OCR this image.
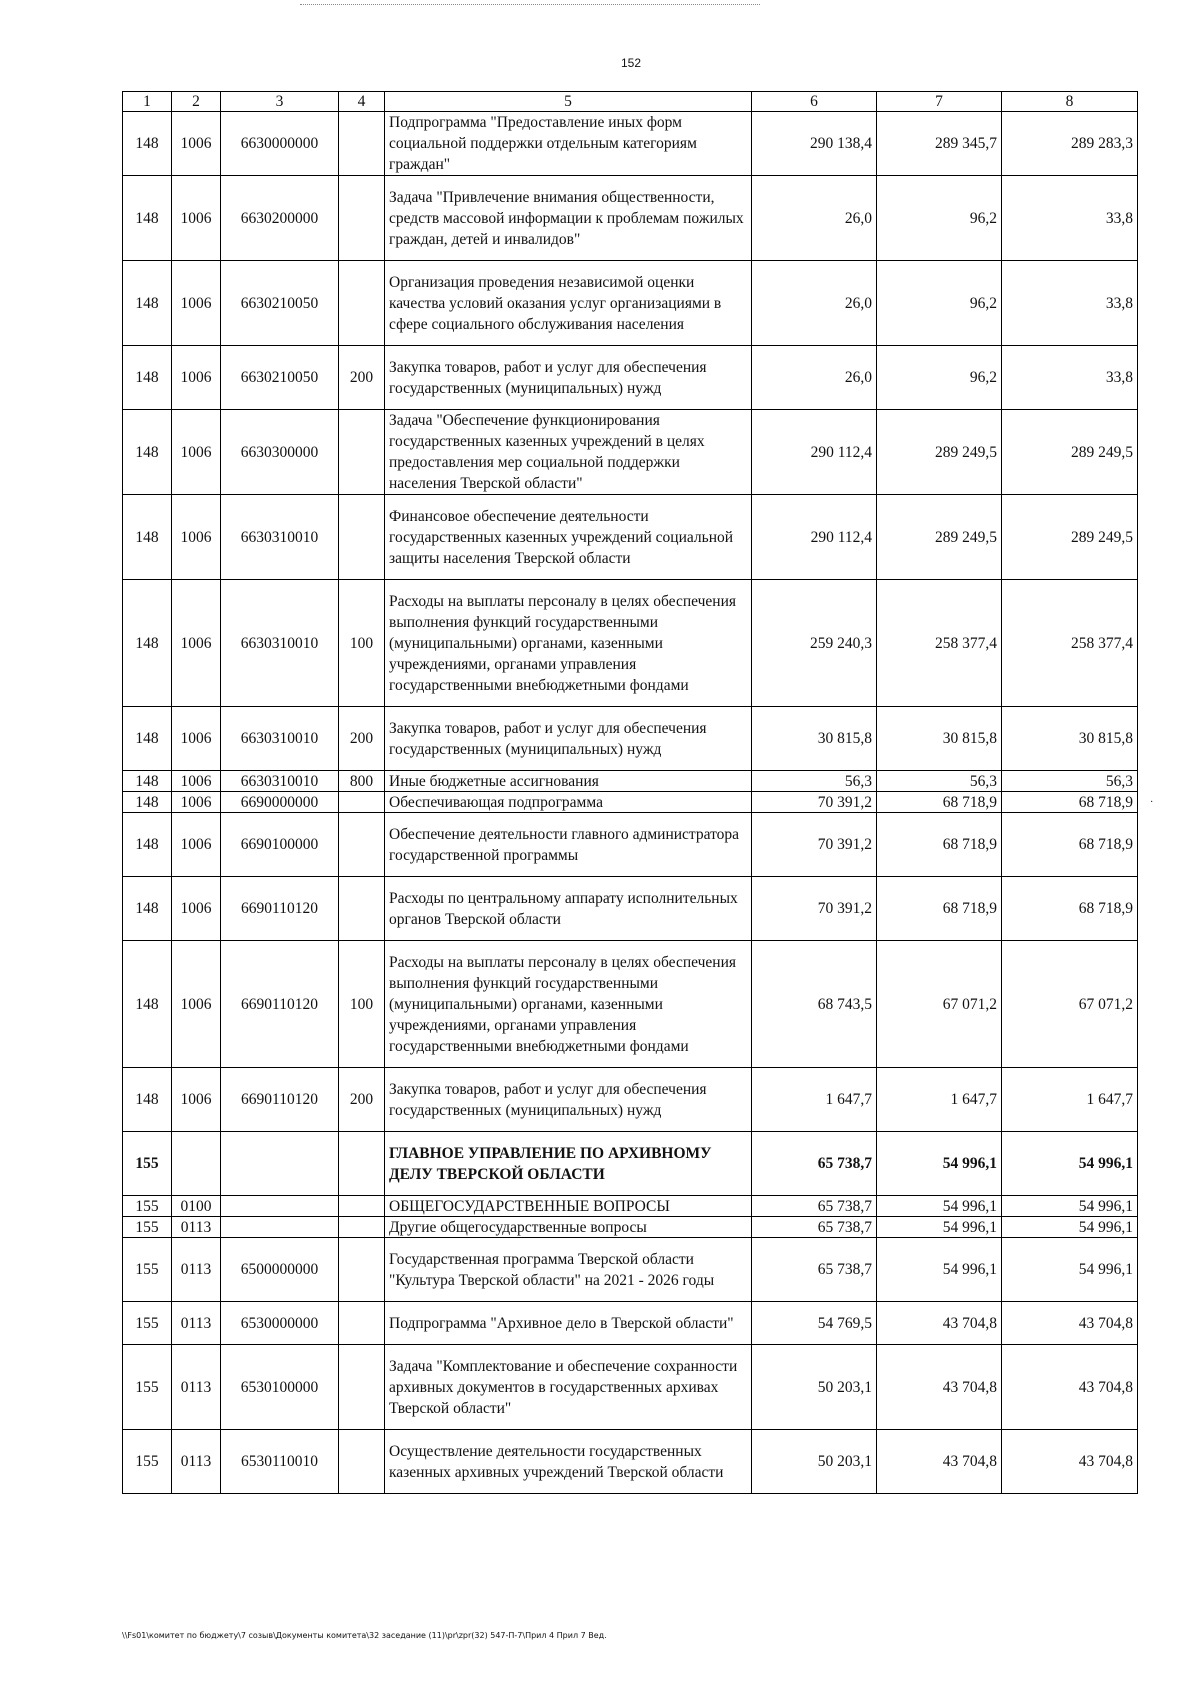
152
1	2	3	4	5	6	7	8
148	1006	6630000000		Подпрограмма "Предоставление иных форм социальной поддержки отдельным категориям граждан"	290 138,4	289 345,7	289 283,3
148	1006	6630200000		Задача "Привлечение внимания общественности, средств массовой информации к проблемам пожилых граждан, детей и инвалидов"	26,0	96,2	33,8
148	1006	6630210050		Организация проведения независимой оценки качества условий оказания услуг организациями в сфере социального обслуживания населения	26,0	96,2	33,8
148	1006	6630210050	200	Закупка товаров, работ и услуг для обеспечения государственных (муниципальных) нужд	26,0	96,2	33,8
148	1006	6630300000		Задача "Обеспечение функционирования государственных казенных учреждений в целях предоставления мер социальной поддержки населения Тверской области"	290 112,4	289 249,5	289 249,5
148	1006	6630310010		Финансовое обеспечение деятельности государственных казенных учреждений социальной защиты населения Тверской области	290 112,4	289 249,5	289 249,5
148	1006	6630310010	100	Расходы на выплаты персоналу в целях обеспечения выполнения функций государственными (муниципальными) органами, казенными учреждениями, органами управления государственными внебюджетными фондами	259 240,3	258 377,4	258 377,4
148	1006	6630310010	200	Закупка товаров, работ и услуг для обеспечения государственных (муниципальных) нужд	30 815,8	30 815,8	30 815,8
148	1006	6630310010	800	Иные бюджетные ассигнования	56,3	56,3	56,3
148	1006	6690000000		Обеспечивающая подпрограмма	70 391,2	68 718,9	68 718,9
148	1006	6690100000		Обеспечение деятельности главного администратора государственной программы	70 391,2	68 718,9	68 718,9
148	1006	6690110120		Расходы по центральному аппарату исполнительных органов Тверской области	70 391,2	68 718,9	68 718,9
148	1006	6690110120	100	Расходы на выплаты персоналу в целях обеспечения выполнения функций государственными (муниципальными) органами, казенными учреждениями, органами управления государственными внебюджетными фондами	68 743,5	67 071,2	67 071,2
148	1006	6690110120	200	Закупка товаров, работ и услуг для обеспечения государственных (муниципальных) нужд	1 647,7	1 647,7	1 647,7
155				ГЛАВНОЕ УПРАВЛЕНИЕ ПО АРХИВНОМУ ДЕЛУ ТВЕРСКОЙ ОБЛАСТИ	65 738,7	54 996,1	54 996,1
155	0100			ОБЩЕГОСУДАРСТВЕННЫЕ ВОПРОСЫ	65 738,7	54 996,1	54 996,1
155	0113			Другие общегосударственные вопросы	65 738,7	54 996,1	54 996,1
155	0113	6500000000		Государственная программа Тверской области "Культура Тверской области" на 2021 - 2026 годы	65 738,7	54 996,1	54 996,1
155	0113	6530000000		Подпрограмма "Архивное дело в Тверской области"	54 769,5	43 704,8	43 704,8
155	0113	6530100000		Задача "Комплектование и обеспечение сохранности архивных документов в государственных архивах Тверской области"	50 203,1	43 704,8	43 704,8
155	0113	6530110010		Осуществление деятельности государственных казенных архивных учреждений Тверской области	50 203,1	43 704,8	43 704,8
·
\\Fs01\комитет по бюджету\7 созыв\Документы комитета\32 заседание (11)\pr\zpr(32) 547-П-7\Прил 4 Прил 7 Вед.
